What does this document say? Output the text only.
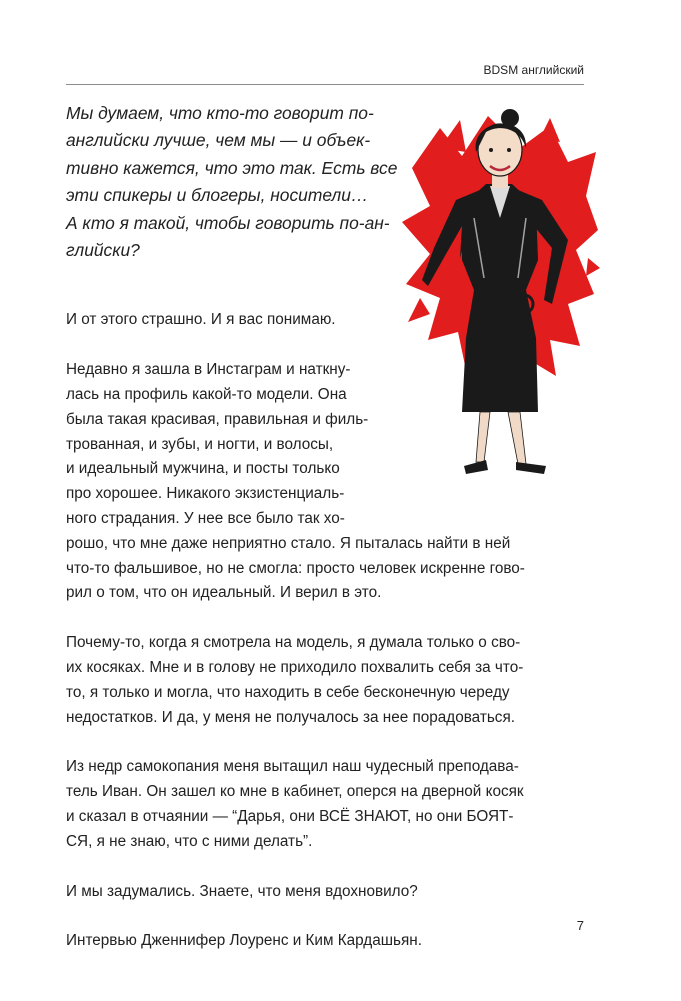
BDSM английский
Мы думаем, что кто-то говорит по-
английски лучше, чем мы — и объек-
тивно кажется, что это так. Есть все
эти спикеры и блогеры, носители…
А кто я такой, чтобы говорить по-ан-
глийски?

И от этого страшно. И я вас понимаю.

Недавно я зашла в Инстаграм и наткну-
лась на профиль какой-то модели. Она
была такая красивая, правильная и филь-
трованная, и зубы, и ногти, и волосы,
и идеальный мужчина, и посты только
про хорошее. Никакого экзистенциаль-
ного страдания. У нее все было так хо-
рошо, что мне даже неприятно стало. Я пыталась найти в ней
что-то фальшивое, но не смогла: просто человек искренне гово-
рил о том, что он идеальный. И верил в это.

Почему-то, когда я смотрела на модель, я думала только о сво-
их косяках. Мне и в голову не приходило похвалить себя за что-
то, я только и могла, что находить в себе бесконечную череду
недостатков. И да, у меня не получалось за нее порадоваться.

Из недр самокопания меня вытащил наш чудесный преподава-
тель Иван. Он зашел ко мне в кабинет, оперся на дверной косяк
и сказал в отчаянии — “Дарья, они ВСЁ ЗНАЮТ, но они БОЯТ-
СЯ, я не знаю, что с ними делать”.

И мы задумались. Знаете, что меня вдохновило?

Интервью Дженнифер Лоуренс и Ким Кардашьян.

7
